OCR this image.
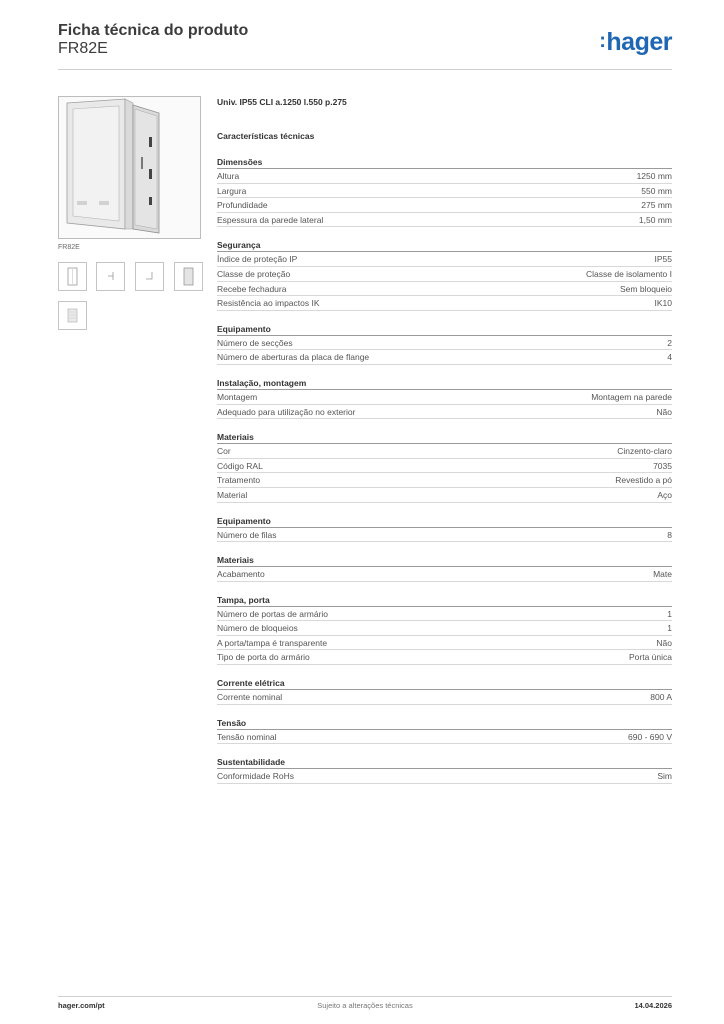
Ficha técnica do produto
FR82E	:hager
FR82E
Univ. IP55 CLI a.1250 l.550 p.275
Características técnicas
Dimensões
Altura	1250 mm
Largura	550 mm
Profundidade	275 mm
Espessura da parede lateral	1,50 mm
Segurança
Índice de proteção IP	IP55
Classe de proteção	Classe de isolamento I
Recebe fechadura	Sem bloqueio
Resistência ao impactos IK	IK10
Equipamento
Número de secções	2
Número de aberturas da placa de flange	4
Instalação, montagem
Montagem	Montagem na parede
Adequado para utilização no exterior	Não
Materiais
Cor	Cinzento-claro
Código RAL	7035
Tratamento	Revestido a pó
Material	Aço
Equipamento
Número de filas	8
Materiais
Acabamento	Mate
Tampa, porta
Número de portas de armário	1
Número de bloqueios	1
A porta/tampa é transparente	Não
Tipo de porta do armário	Porta única
Corrente elétrica
Corrente nominal	800 A
Tensão
Tensão nominal	690 - 690 V
Sustentabilidade
Conformidade RoHs	Sim
hager.com/pt	Sujeito a alterações técnicas	14.04.2026
